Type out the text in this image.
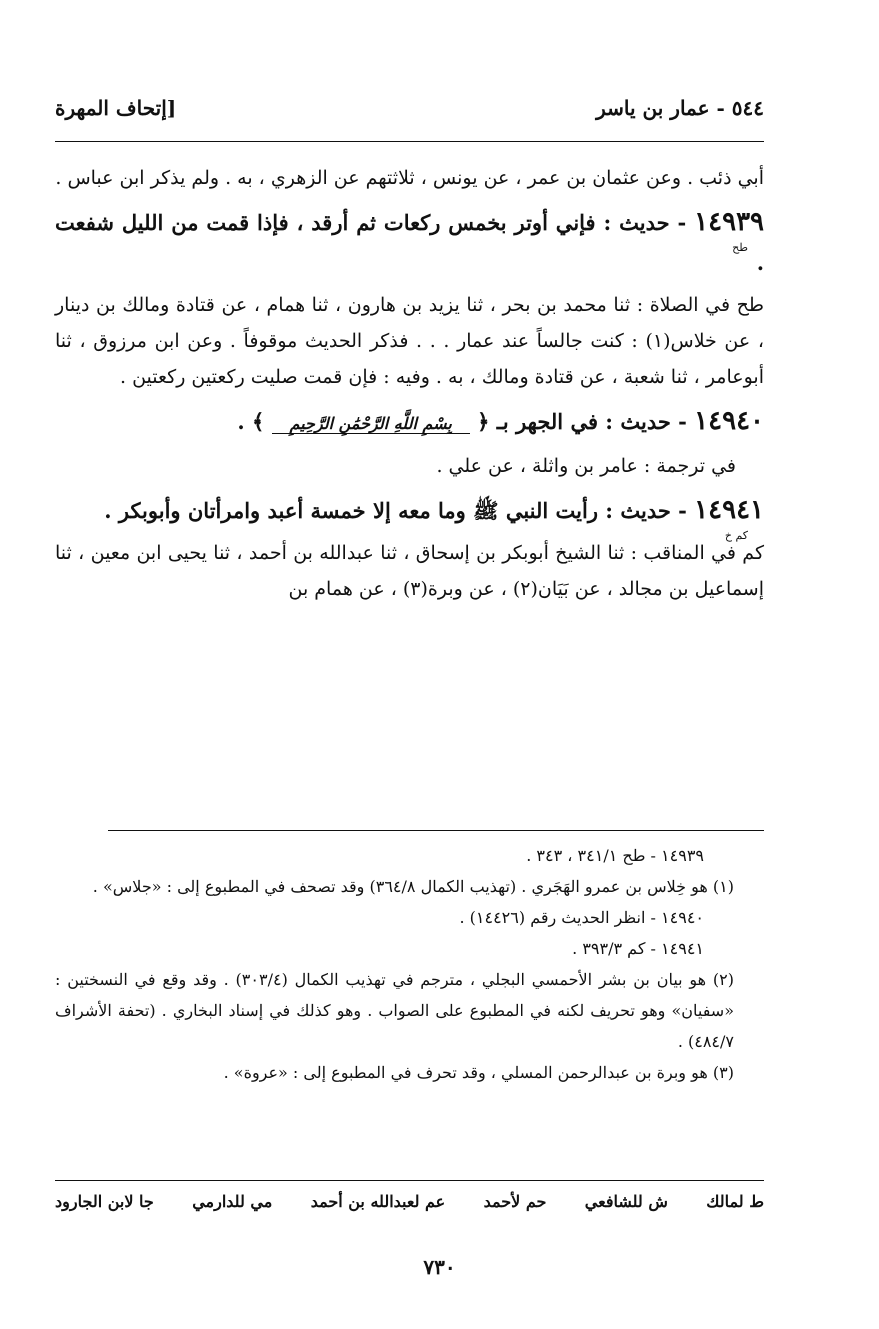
٥٤٤ - عمار بن ياسر
[إتحاف المهرة

أبي ذئب . وعن عثمان بن عمر ، عن يونس ، ثلاثتهم عن الزهري ، به . ولم يذكر ابن عباس .

١٤٩٣٩ - حديث : فإني أوتر بخمس ركعات ثم أرقد ، فإذا قمت من الليل شفعت .
طح

طح في الصلاة : ثنا محمد بن بحر ، ثنا يزيد بن هارون ، ثنا همام ، عن قتادة ومالك بن دينار ، عن خلاس(١) : كنت جالساً عند عمار . . . فذكر الحديث موقوفاً . وعن ابن مرزوق ، ثنا أبوعامر ، ثنا شعبة ، عن قتادة ومالك ، به . وفيه : فإن قمت صليت ركعتين ركعتين .

١٤٩٤٠ - حديث : في الجهر بـ ﴿ بِسْمِ اللَّهِ الرَّحْمَٰنِ الرَّحِيمِ ﴾ .

في ترجمة : عامر بن واثلة ، عن علي .

١٤٩٤١ - حديث : رأيت النبي ﷺ وما معه إلا خمسة أعبد وامرأتان وأبوبكر .
كم خ

كم في المناقب : ثنا الشيخ أبوبكر بن إسحاق ، ثنا عبدالله بن أحمد ، ثنا يحيى ابن معين ، ثنا إسماعيل بن مجالد ، عن بَيَان(٢) ، عن وبرة(٣) ، عن همام بن

١٤٩٣٩ - طح ٣٤١/١ ، ٣٤٣ .

(١) هو خِلاس بن عمرو الهَجَري . (تهذيب الكمال ٣٦٤/٨) وقد تصحف في المطبوع إلى : «جلاس» .

١٤٩٤٠ - انظر الحديث رقم (١٤٤٢٦) .

١٤٩٤١ - كم ٣٩٣/٣ .

(٢) هو بيان بن بشر الأحمسي البجلي ، مترجم في تهذيب الكمال (٣٠٣/٤) . وقد وقع في النسختين : «سفيان» وهو تحريف لكنه في المطبوع على الصواب . وهو كذلك في إسناد البخاري . (تحفة الأشراف ٤٨٤/٧) .

(٣) هو وبرة بن عبدالرحمن المسلي ، وقد تحرف في المطبوع إلى : «عروة» .

ط لمالك
ش للشافعي
حم لأحمد
عم لعبدالله بن أحمد
مي للدارمي
جا لابن الجارود
٧٣٠
